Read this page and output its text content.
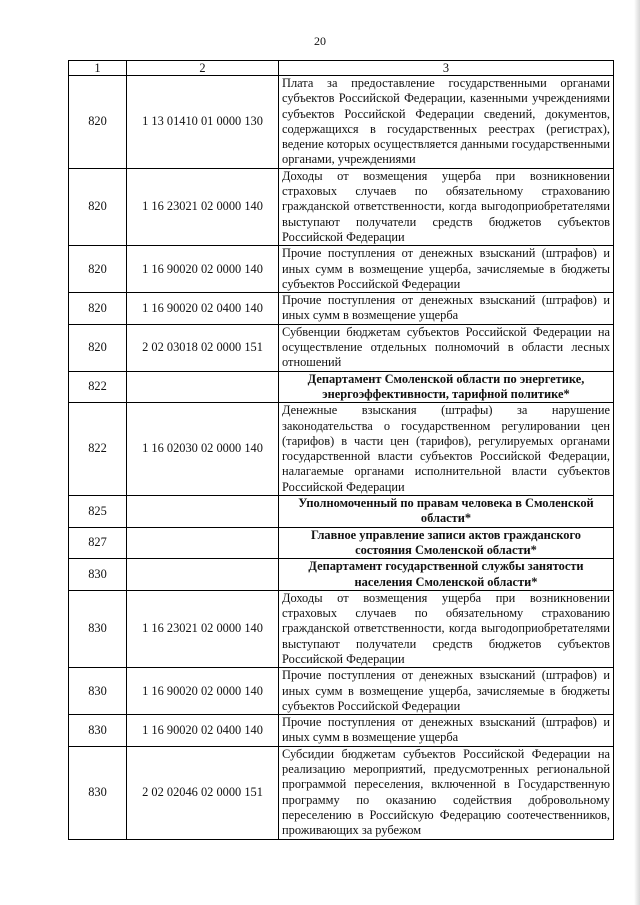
20
1	2	3
820	1 13 01410 01 0000 130	Плата за предоставление государственными органами субъектов Российской Федерации, казенными учреждениями субъектов Российской Федерации сведений, документов, содержащихся в государственных реестрах (регистрах), ведение которых осуществляется данными государственными органами, учреждениями
820	1 16 23021 02 0000 140	Доходы от возмещения ущерба при возникновении страховых случаев по обязательному страхованию гражданской ответственности, когда выгодоприобретателями выступают получатели средств бюджетов субъектов Российской Федерации
820	1 16 90020 02 0000 140	Прочие поступления от денежных взысканий (штрафов) и иных сумм в возмещение ущерба, зачисляемые в бюджеты субъектов Российской Федерации
820	1 16 90020 02 0400 140	Прочие поступления от денежных взысканий (штрафов) и иных сумм в возмещение ущерба
820	2 02 03018 02 0000 151	Субвенции бюджетам субъектов Российской Федерации на осуществление отдельных полномочий в области лесных отношений
822		Департамент Смоленской области по энергетике, энергоэффективности, тарифной политике*
822	1 16 02030 02 0000 140	Денежные взыскания (штрафы) за нарушение законодательства о государственном регулировании цен (тарифов) в части цен (тарифов), регулируемых органами государственной власти субъектов Российской Федерации, налагаемые органами исполнительной власти субъектов Российской Федерации
825		Уполномоченный по правам человека в Смоленской области*
827		Главное управление записи актов гражданского состояния Смоленской области*
830		Департамент государственной службы занятости населения Смоленской области*
830	1 16 23021 02 0000 140	Доходы от возмещения ущерба при возникновении страховых случаев по обязательному страхованию гражданской ответственности, когда выгодоприобретателями выступают получатели средств бюджетов субъектов Российской Федерации
830	1 16 90020 02 0000 140	Прочие поступления от денежных взысканий (штрафов) и иных сумм в возмещение ущерба, зачисляемые в бюджеты субъектов Российской Федерации
830	1 16 90020 02 0400 140	Прочие поступления от денежных взысканий (штрафов) и иных сумм в возмещение ущерба
830	2 02 02046 02 0000 151	Субсидии бюджетам субъектов Российской Федерации на реализацию мероприятий, предусмотренных региональной программой переселения, включенной в Государственную программу по оказанию содействия добровольному переселению в Российскую Федерацию соотечественников, проживающих за рубежом
